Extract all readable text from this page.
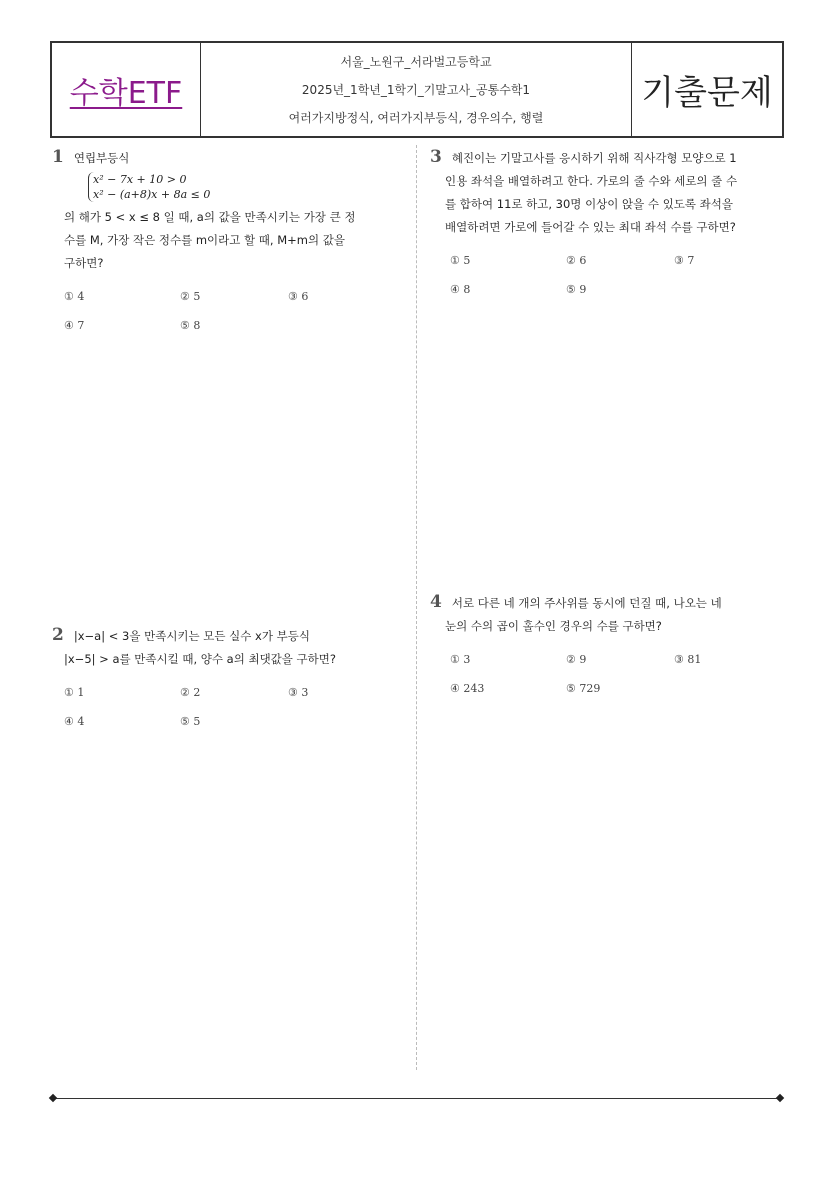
수학ETF
서울_노원구_서라벌고등학교
2025년_1학년_1학기_기말고사_공통수학1
여러가지방정식, 여러가지부등식, 경우의수, 행렬
기출문제
1 연립부등식
x² − 7x + 10 > 0
x² − (a+8)x + 8a ≤ 0
의 해가 5 < x ≤ 8 일 때, a의 값을 만족시키는 가장 큰 정
수를 M, 가장 작은 정수를 m이라고 할 때, M+m의 값을
구하면?
① 4	② 5	③ 6
④ 7	⑤ 8
2 |x−a| < 3을 만족시키는 모든 실수 x가 부등식
|x−5| > a를 만족시킬 때, 양수 a의 최댓값을 구하면?
① 1	② 2	③ 3
④ 4	⑤ 5
3 혜진이는 기말고사를 응시하기 위해 직사각형 모양으로 1
인용 좌석을 배열하려고 한다. 가로의 줄 수와 세로의 줄 수
를 합하여 11로 하고, 30명 이상이 앉을 수 있도록 좌석을
배열하려면 가로에 들어갈 수 있는 최대 좌석 수를 구하면?
① 5	② 6	③ 7
④ 8	⑤ 9
4 서로 다른 네 개의 주사위를 동시에 던질 때, 나오는 네
눈의 수의 곱이 홀수인 경우의 수를 구하면?
① 3	② 9	③ 81
④ 243	⑤ 729
